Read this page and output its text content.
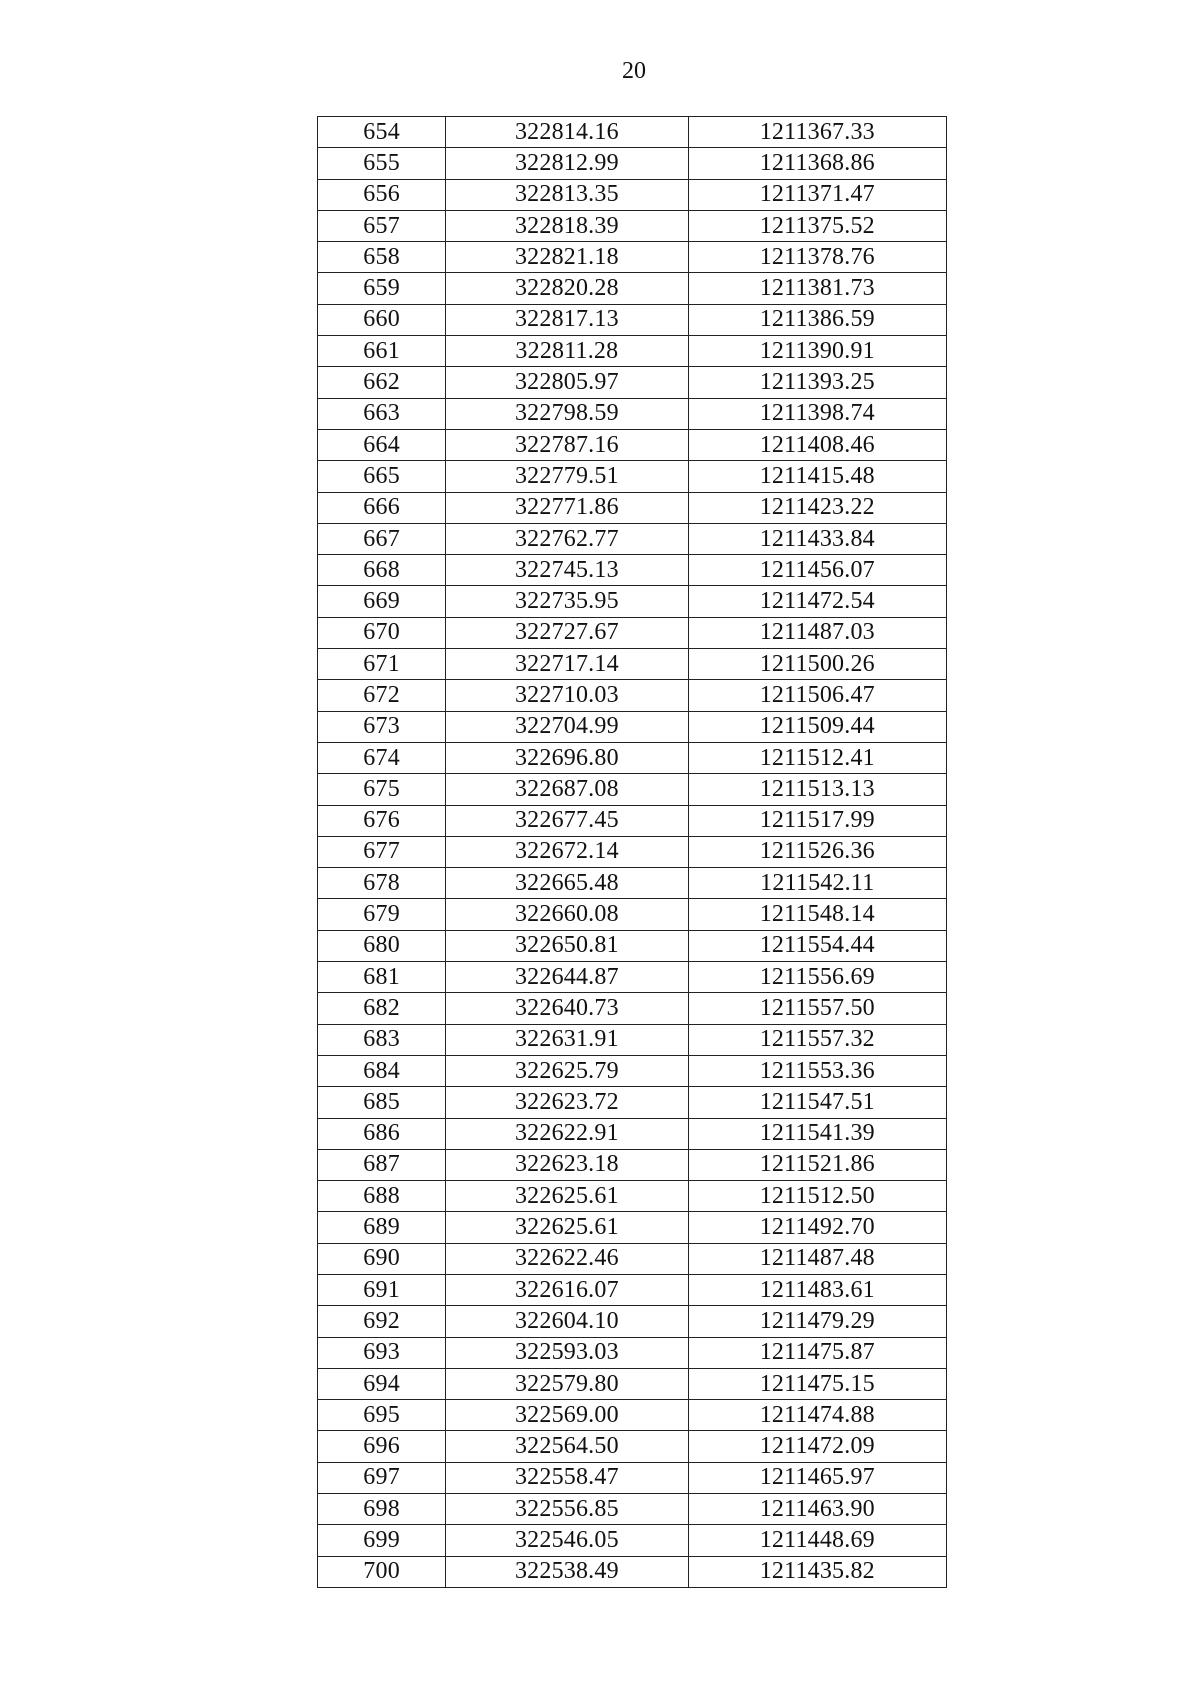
20
654	322814.16	1211367.33
655	322812.99	1211368.86
656	322813.35	1211371.47
657	322818.39	1211375.52
658	322821.18	1211378.76
659	322820.28	1211381.73
660	322817.13	1211386.59
661	322811.28	1211390.91
662	322805.97	1211393.25
663	322798.59	1211398.74
664	322787.16	1211408.46
665	322779.51	1211415.48
666	322771.86	1211423.22
667	322762.77	1211433.84
668	322745.13	1211456.07
669	322735.95	1211472.54
670	322727.67	1211487.03
671	322717.14	1211500.26
672	322710.03	1211506.47
673	322704.99	1211509.44
674	322696.80	1211512.41
675	322687.08	1211513.13
676	322677.45	1211517.99
677	322672.14	1211526.36
678	322665.48	1211542.11
679	322660.08	1211548.14
680	322650.81	1211554.44
681	322644.87	1211556.69
682	322640.73	1211557.50
683	322631.91	1211557.32
684	322625.79	1211553.36
685	322623.72	1211547.51
686	322622.91	1211541.39
687	322623.18	1211521.86
688	322625.61	1211512.50
689	322625.61	1211492.70
690	322622.46	1211487.48
691	322616.07	1211483.61
692	322604.10	1211479.29
693	322593.03	1211475.87
694	322579.80	1211475.15
695	322569.00	1211474.88
696	322564.50	1211472.09
697	322558.47	1211465.97
698	322556.85	1211463.90
699	322546.05	1211448.69
700	322538.49	1211435.82
